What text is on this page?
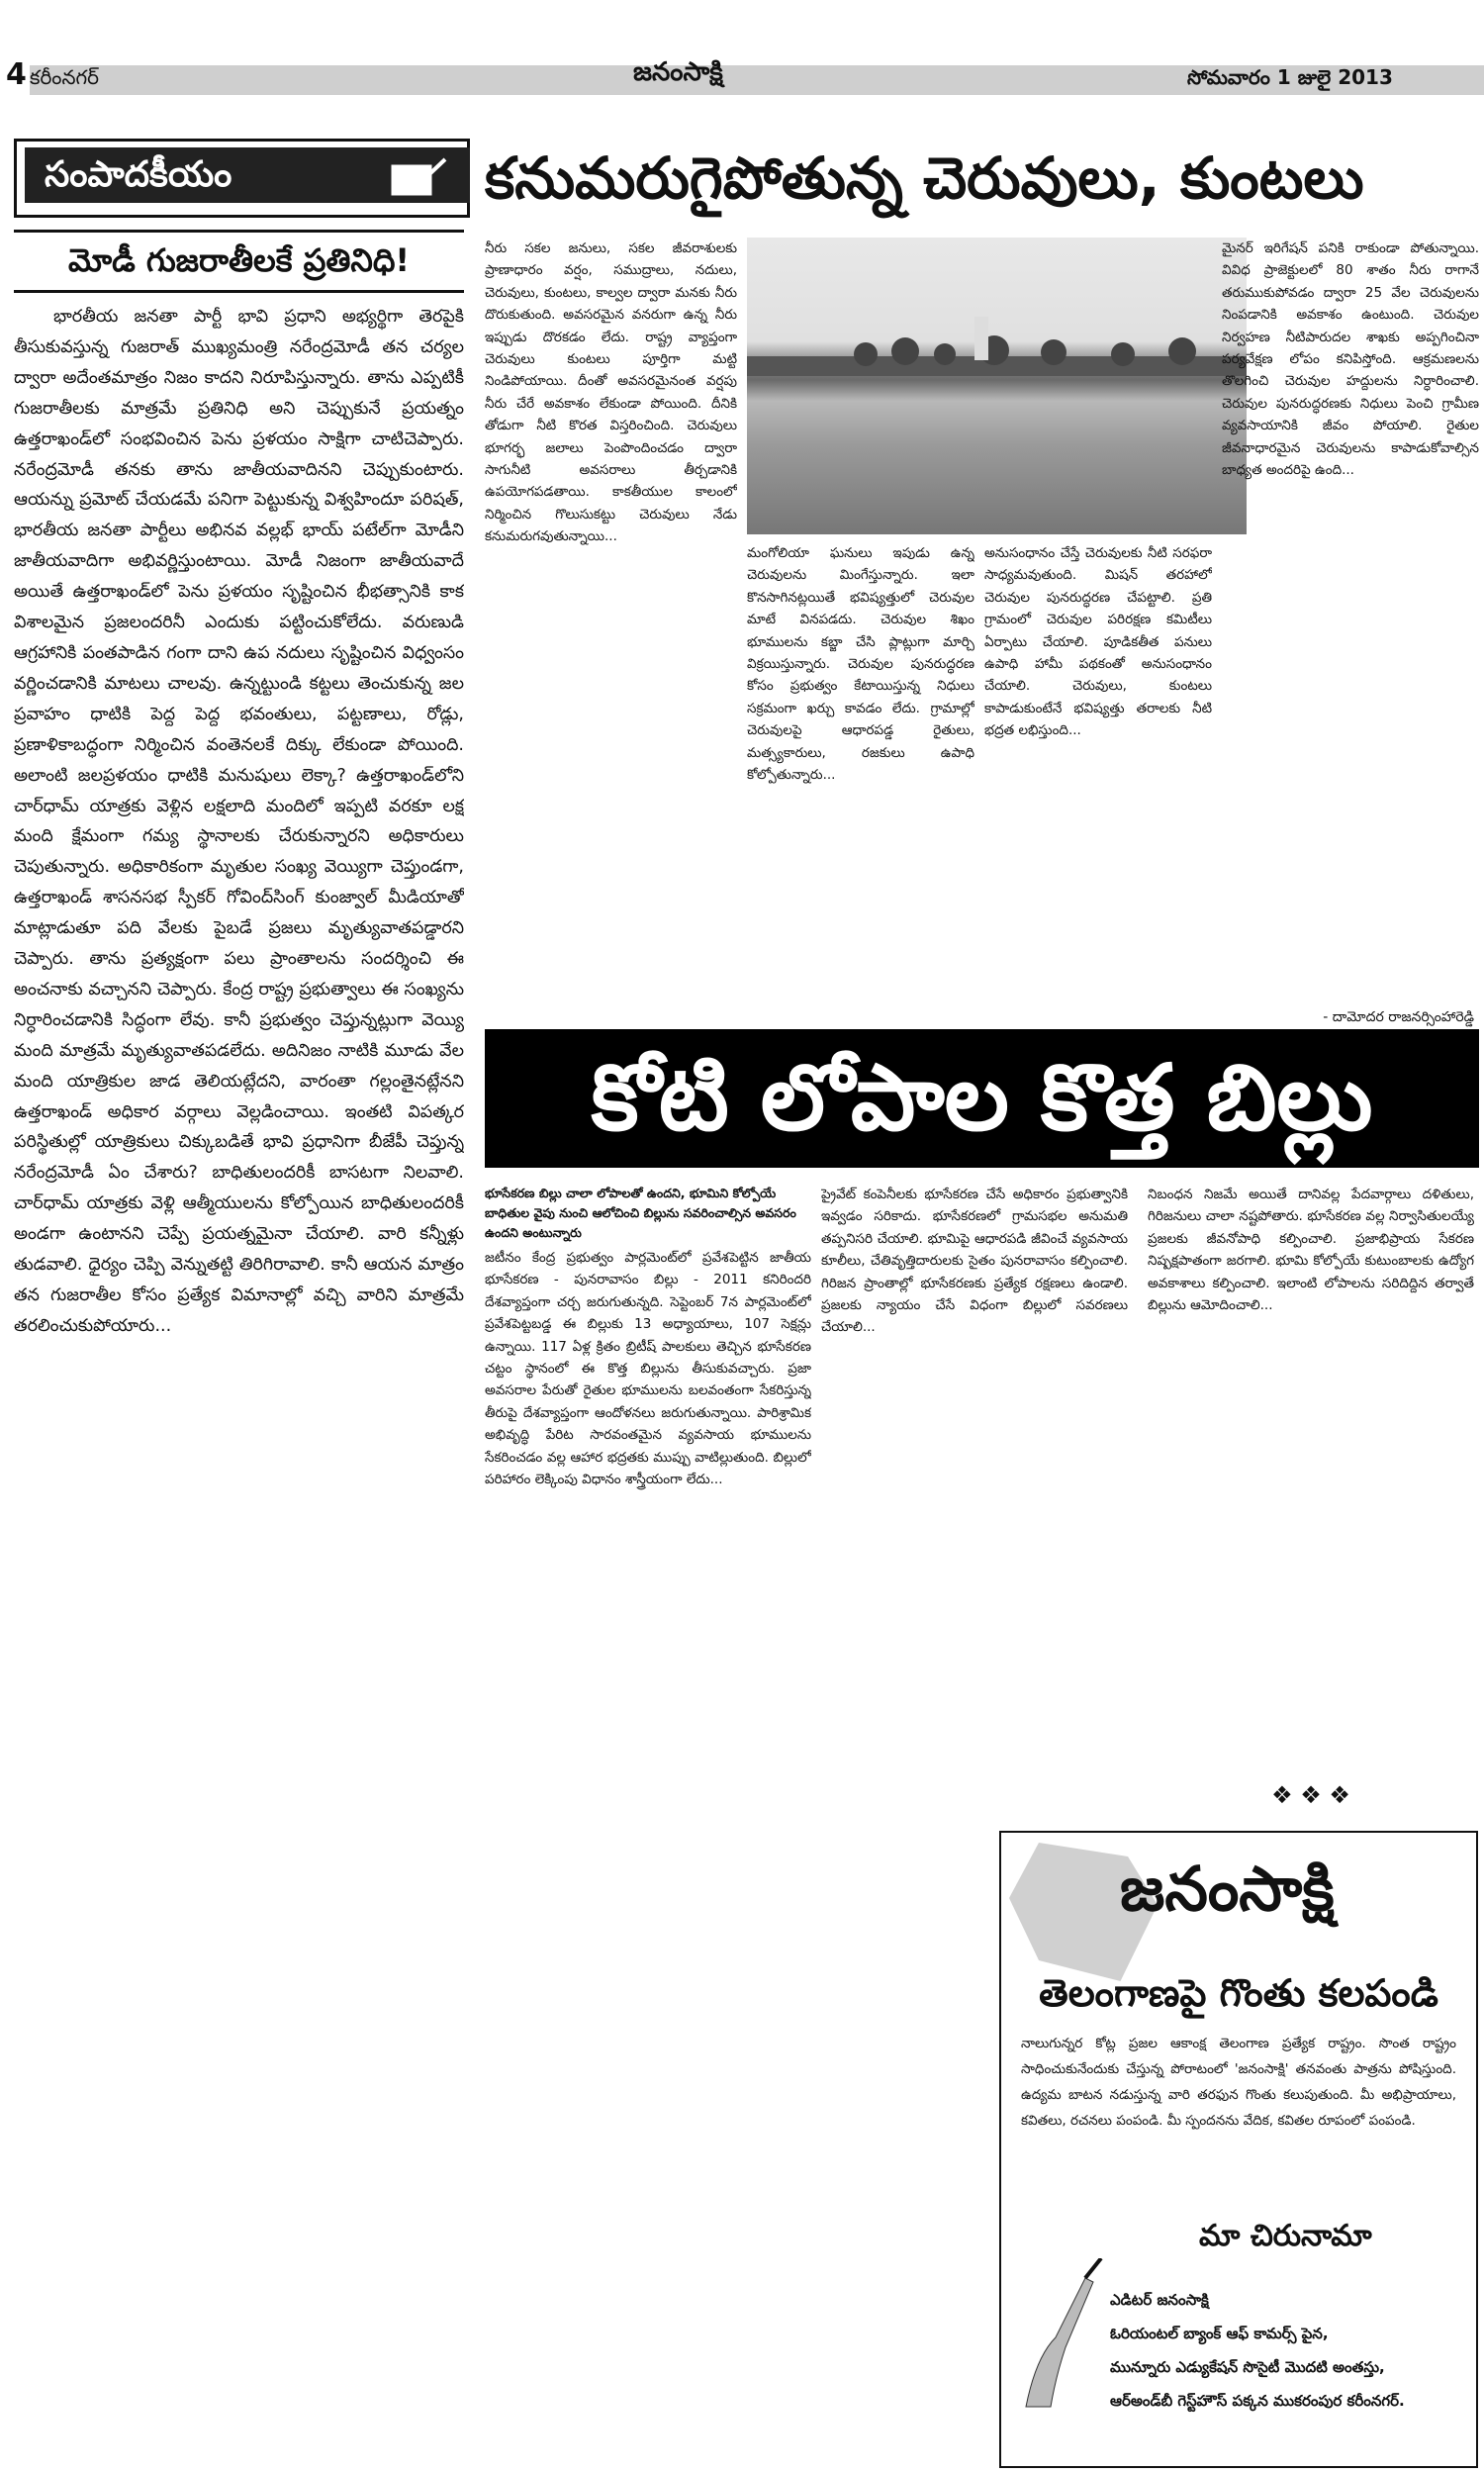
4 కరీంనగర్	జనంసాక్షి	సోమవారం 1 జులై 2013
సంపాదకీయం
మోడీ గుజరాతీలకే ప్రతినిధి!
భారతీయ జనతా పార్టీ భావి ప్రధాని అభ్యర్థిగా తెరపైకి తీసుకువస్తున్న గుజరాత్‌ ముఖ్యమంత్రి నరేంద్రమోడీ తన చర్యల ద్వారా అదేంతమాత్రం నిజం కాదని నిరూపిస్తున్నారు. తాను ఎప్పటికీ గుజరాతీలకు మాత్రమే ప్రతినిధి అని చెప్పుకునే ప్రయత్నం ఉత్తరాఖండ్‌లో సంభవించిన పెను ప్రళయం సాక్షిగా చాటిచెప్పారు. నరేంద్రమోడీ తనకు తాను జాతీయవాదినని చెప్పుకుంటారు. ఆయన్ను ప్రమోట్‌ చేయడమే పనిగా పెట్టుకున్న విశ్వహిందూ పరిషత్‌, భారతీయ జనతా పార్టీలు అభినవ వల్లభ్‌ భాయ్‌ పటేల్‌గా మోడీని జాతీయవాదిగా అభివర్ణిస్తుంటాయి. మోడీ నిజంగా జాతీయవాదే అయితే ఉత్తరాఖండ్‌లో పెను ప్రళయం సృష్టించిన భీభత్సానికి కాక విశాలమైన ప్రజలందరినీ ఎందుకు పట్టించుకోలేదు. వరుణుడి ఆగ్రహానికి పంతపాడిన గంగా దాని ఉప నదులు సృష్టించిన విధ్వంసం వర్ణించడానికి మాటలు చాలవు. ఉన్నట్టుండి కట్టలు తెంచుకున్న జల ప్రవాహం ధాటికి పెద్ద పెద్ద భవంతులు, పట్టణాలు, రోడ్లు, ప్రణాళికాబద్ధంగా నిర్మించిన వంతెనలకే దిక్కు లేకుండా పోయింది. అలాంటి జలప్రళయం ధాటికి మనుషులు లెక్కా? ఉత్తరాఖండ్‌లోని చార్‌ధామ్‌ యాత్రకు వెళ్లిన లక్షలాది మందిలో ఇప్పటి వరకూ లక్ష మంది క్షేమంగా గమ్య స్థానాలకు చేరుకున్నారని అధికారులు చెపుతున్నారు. అధికారికంగా మృతుల సంఖ్య వెయ్యిగా చెప్తుండగా, ఉత్తరాఖండ్‌ శాసనసభ స్పీకర్‌ గోవింద్‌సింగ్‌ కుంజ్వాల్‌ మీడియాతో మాట్లాడుతూ పది వేలకు పైబడే ప్రజలు మృత్యువాతపడ్డారని చెప్పారు. తాను ప్రత్యక్షంగా పలు ప్రాంతాలను సందర్శించి ఈ అంచనాకు వచ్చానని చెప్పారు. కేంద్ర రాష్ట్ర ప్రభుత్వాలు ఈ సంఖ్యను నిర్ధారించడానికి సిద్ధంగా లేవు. కానీ ప్రభుత్వం చెప్తున్నట్లుగా వెయ్యి మంది మాత్రమే మృత్యువాతపడలేదు. అదినిజం నాటికి మూడు వేల మంది యాత్రికుల జాడ తెలియట్లేదని, వారంతా గల్లంతైనట్లేనని ఉత్తరాఖండ్‌ అధికార వర్గాలు వెల్లడించాయి. ఇంతటి విపత్కర పరిస్థితుల్లో యాత్రికులు చిక్కుబడితే భావి ప్రధానిగా బీజేపీ చెప్తున్న నరేంద్రమోడీ ఏం చేశారు? బాధితులందరికీ బాసటగా నిలవాలి. చార్‌ధామ్‌ యాత్రకు వెళ్లి ఆత్మీయులను కోల్పోయిన బాధితులందరికీ అండగా ఉంటానని చెప్పే ప్రయత్నమైనా చేయాలి. వారి కన్నీళ్లు తుడవాలి. ధైర్యం చెప్పి వెన్నుతట్టి తిరిగిరావాలి. కానీ ఆయన మాత్రం తన గుజరాతీల కోసం ప్రత్యేక విమానాల్లో వచ్చి వారిని మాత్రమే తరలించుకుపోయారు...
కనుమరుగైపోతున్న చెరువులు, కుంటలు
నీరు సకల జనులు, సకల జీవరాశులకు ప్రాణాధారం వర్షం, సముద్రాలు, నదులు, చెరువులు, కుంటలు, కాల్వల ద్వారా మనకు నీరు దొరుకుతుంది. అవసరమైన వనరుగా ఉన్న నీరు ఇప్పుడు దొరకడం లేదు. రాష్ట్ర వ్యాప్తంగా చెరువులు కుంటలు పూర్తిగా మట్టి నిండిపోయాయి. దీంతో అవసరమైనంత వర్షపు నీరు చేరే అవకాశం లేకుండా పోయింది. దీనికి తోడుగా నీటి కొరత విస్తరించింది. చెరువులు భూగర్భ జలాలు పెంపొందించడం ద్వారా సాగునీటి అవసరాలు తీర్చడానికి ఉపయోగపడతాయి. కాకతీయుల కాలంలో నిర్మించిన గొలుసుకట్టు చెరువులు నేడు కనుమరుగవుతున్నాయి...
మంగోలియా ఘనులు ఇపుడు ఉన్న చెరువులను మింగేస్తున్నారు. ఇలా కొనసాగినట్లయితే భవిష్యత్తులో చెరువుల మాటే వినపడదు. చెరువుల శిఖం భూములను కబ్జా చేసి ప్లాట్లుగా మార్చి విక్రయిస్తున్నారు. చెరువుల పునరుద్ధరణ కోసం ప్రభుత్వం కేటాయిస్తున్న నిధులు సక్రమంగా ఖర్చు కావడం లేదు. గ్రామాల్లో చెరువులపై ఆధారపడ్డ రైతులు, మత్స్యకారులు, రజకులు ఉపాధి కోల్పోతున్నారు...
అనుసంధానం చేస్తే చెరువులకు నీటి సరఫరా సాధ్యమవుతుంది. మిషన్‌ తరహాలో చెరువుల పునరుద్ధరణ చేపట్టాలి. ప్రతి గ్రామంలో చెరువుల పరిరక్షణ కమిటీలు ఏర్పాటు చేయాలి. పూడికతీత పనులు ఉపాధి హామీ పథకంతో అనుసంధానం చేయాలి. చెరువులు, కుంటలు కాపాడుకుంటేనే భవిష్యత్తు తరాలకు నీటి భద్రత లభిస్తుంది...
మైనర్‌ ఇరిగేషన్‌ పనికి రాకుండా పోతున్నాయి. వివిధ ప్రాజెక్టులలో 80 శాతం నీరు రాగానే తరుముకుపోవడం ద్వారా 25 వేల చెరువులను నింపడానికి అవకాశం ఉంటుంది. చెరువుల నిర్వహణ నీటిపారుదల శాఖకు అప్పగించినా పర్యవేక్షణ లోపం కనిపిస్తోంది. ఆక్రమణలను తొలగించి చెరువుల హద్దులను నిర్ధారించాలి. చెరువుల పునరుద్ధరణకు నిధులు పెంచి గ్రామీణ వ్యవసాయానికి జీవం పోయాలి. రైతుల జీవనాధారమైన చెరువులను కాపాడుకోవాల్సిన బాధ్యత అందరిపై ఉంది...
- దామోదర రాజనర్సింహారెడ్డి
కోటి లోపాల కొత్త బిల్లు
భూసేకరణ బిల్లు చాలా లోపాలతో ఉందని, భూమిని కోల్పోయే బాధితుల వైపు నుంచి ఆలోచించి బిల్లును సవరించాల్సిన అవసరం ఉందని అంటున్నారు
జటీనం కేంద్ర ప్రభుత్వం పార్లమెంట్‌లో ప్రవేశపెట్టిన జాతీయ భూసేకరణ - పునరావాసం బిల్లు - 2011 కనిరిందరి దేశవ్యాప్తంగా చర్చ జరుగుతున్నది. సెప్టెంబర్‌ 7న పార్లమెంట్‌లో ప్రవేశపెట్టబడ్డ ఈ బిల్లుకు 13 అధ్యాయాలు, 107 సెక్షన్లు ఉన్నాయి. 117 ఏళ్ల క్రితం బ్రిటీష్‌ పాలకులు తెచ్చిన భూసేకరణ చట్టం స్థానంలో ఈ కొత్త బిల్లును తీసుకువచ్చారు. ప్రజా అవసరాల పేరుతో రైతుల భూములను బలవంతంగా సేకరిస్తున్న తీరుపై దేశవ్యాప్తంగా ఆందోళనలు జరుగుతున్నాయి. పారిశ్రామిక అభివృద్ధి పేరిట సారవంతమైన వ్యవసాయ భూములను సేకరించడం వల్ల ఆహార భద్రతకు ముప్పు వాటిల్లుతుంది. బిల్లులో పరిహారం లెక్కింపు విధానం శాస్త్రీయంగా లేదు...
ప్రైవేట్‌ కంపెనీలకు భూసేకరణ చేసే అధికారం ప్రభుత్వానికి ఇవ్వడం సరికాదు. భూసేకరణలో గ్రామసభల అనుమతి తప్పనిసరి చేయాలి. భూమిపై ఆధారపడి జీవించే వ్యవసాయ కూలీలు, చేతివృత్తిదారులకు సైతం పునరావాసం కల్పించాలి. గిరిజన ప్రాంతాల్లో భూసేకరణకు ప్రత్యేక రక్షణలు ఉండాలి. ప్రజలకు న్యాయం చేసే విధంగా బిల్లులో సవరణలు చేయాలి...
నిబంధన నిజమే అయితే దానివల్ల పేదవార్గాలు దళితులు, గిరిజనులు చాలా నష్టపోతారు. భూసేకరణ వల్ల నిర్వాసితులయ్యే ప్రజలకు జీవనోపాధి కల్పించాలి. ప్రజాభిప్రాయ సేకరణ నిష్పక్షపాతంగా జరగాలి. భూమి కోల్పోయే కుటుంబాలకు ఉద్యోగ అవకాశాలు కల్పించాలి. ఇలాంటి లోపాలను సరిదిద్దిన తర్వాతే బిల్లును ఆమోదించాలి...
❖ ❖ ❖
జనంసాక్షి
తెలంగాణపై గొంతు కలపండి
నాలుగున్నర కోట్ల ప్రజల ఆకాంక్ష తెలంగాణ ప్రత్యేక రాష్ట్రం. సొంత రాష్ట్రం సాధించుకునేందుకు చేస్తున్న పోరాటంలో 'జనంసాక్షి' తనవంతు పాత్రను పోషిస్తుంది. ఉద్యమ బాటన నడుస్తున్న వారి తరఫున గొంతు కలుపుతుంది. మీ అభిప్రాయాలు, కవితలు, రచనలు పంపండి. మీ స్పందనను వేదిక, కవితల రూపంలో పంపండి.
మా చిరునామా
ఎడిటర్‌ జనంసాక్షి
ఓరియంటల్‌ బ్యాంక్‌ ఆఫ్‌ కామర్స్‌ పైన,
మున్నూరు ఎడ్యుకేషన్‌ సొసైటీ మొదటి అంతస్తు,
ఆర్‌అండ్‌బీ గెస్ట్‌హౌస్‌ పక్కన ముకరంపుర కరీంనగర్‌.
